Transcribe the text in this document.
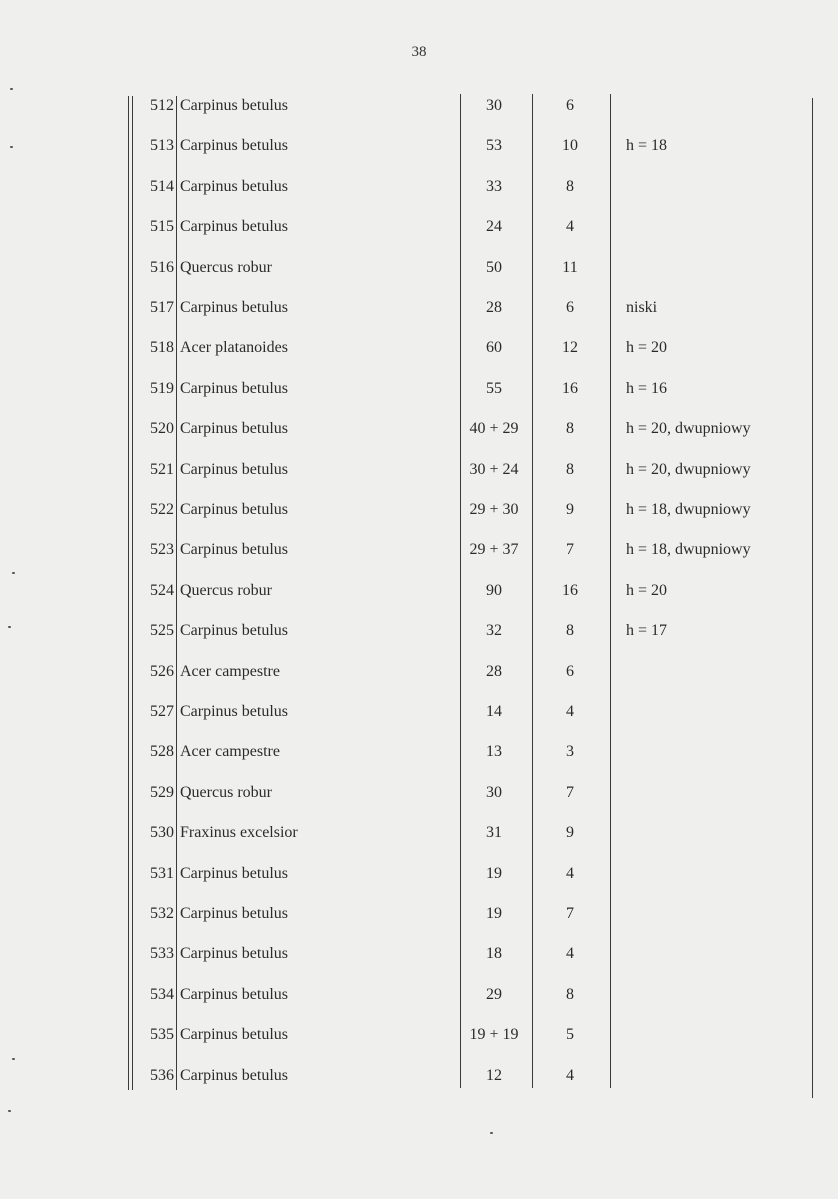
38
512 Carpinus betulus	30	6
513 Carpinus betulus	53	10	h = 18
514 Carpinus betulus	33	8
515 Carpinus betulus	24	4
516 Quercus robur	50	11
517 Carpinus betulus	28	6	niski
518 Acer platanoides	60	12	h = 20
519 Carpinus betulus	55	16	h = 16
520 Carpinus betulus	40 + 29	8	h = 20, dwupniowy
521 Carpinus betulus	30 + 24	8	h = 20, dwupniowy
522 Carpinus betulus	29 + 30	9	h = 18, dwupniowy
523 Carpinus betulus	29 + 37	7	h = 18, dwupniowy
524 Quercus robur	90	16	h = 20
525 Carpinus betulus	32	8	h = 17
526 Acer campestre	28	6
527 Carpinus betulus	14	4
528 Acer campestre	13	3
529 Quercus robur	30	7
530 Fraxinus excelsior	31	9
531 Carpinus betulus	19	4
532 Carpinus betulus	19	7
533 Carpinus betulus	18	4
534 Carpinus betulus	29	8
535 Carpinus betulus	19 + 19	5
536 Carpinus betulus	12	4
